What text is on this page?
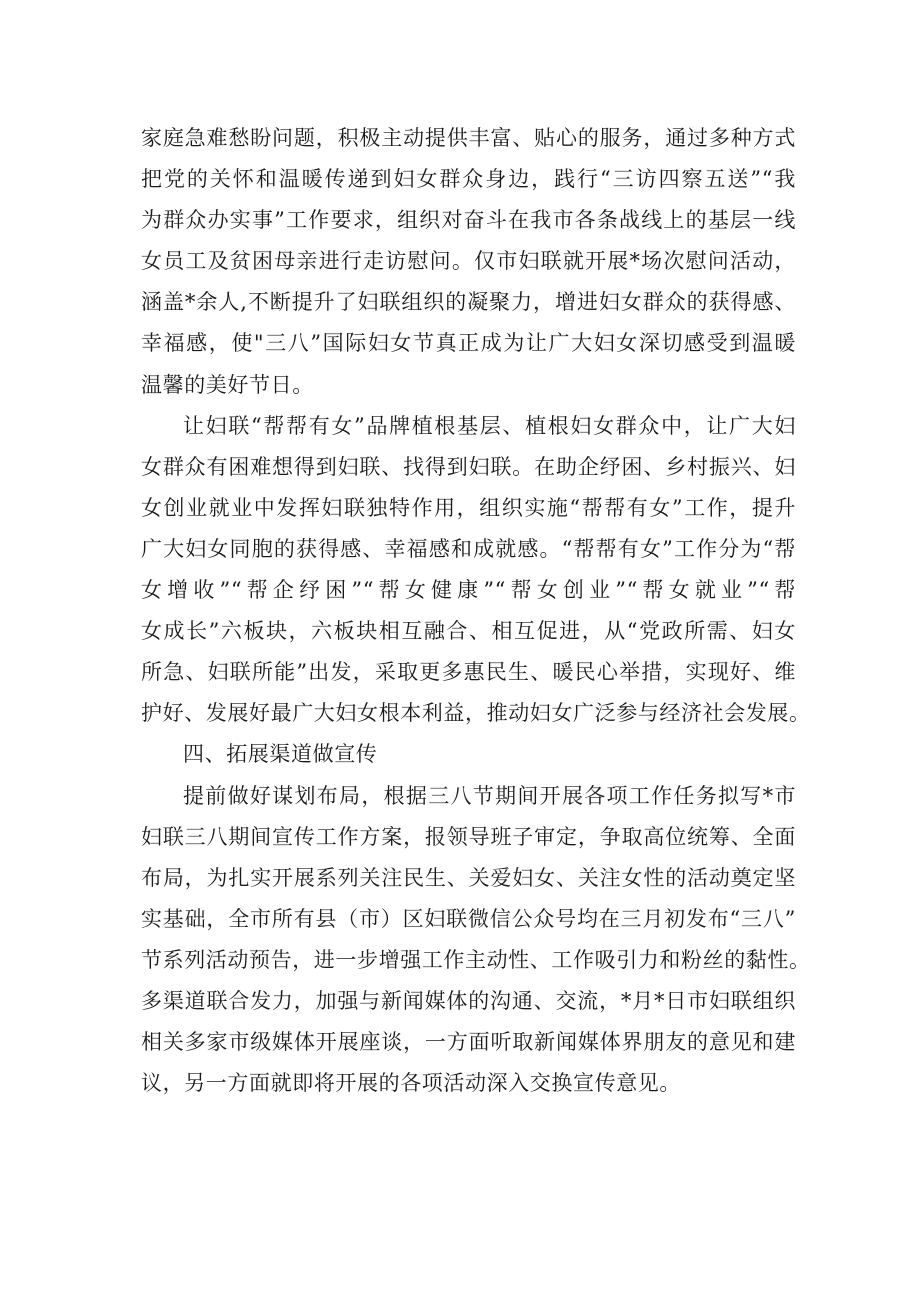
家庭急难愁盼问题，积极主动提供丰富、贴心的服务，通过多种方式
把党的关怀和温暖传递到妇女群众身边，践行“三访四察五送”“我
为群众办实事”工作要求，组织对奋斗在我市各条战线上的基层一线
女员工及贫困母亲进行走访慰问。仅市妇联就开展*场次慰问活动，
涵盖*余人,不断提升了妇联组织的凝聚力，增进妇女群众的获得感、
幸福感，使"三八”国际妇女节真正成为让广大妇女深切感受到温暖
温馨的美好节日。
让妇联“帮帮有女”品牌植根基层、植根妇女群众中，让广大妇
女群众有困难想得到妇联、找得到妇联。在助企纾困、乡村振兴、妇
女创业就业中发挥妇联独特作用，组织实施“帮帮有女”工作，提升
广大妇女同胞的获得感、幸福感和成就感。“帮帮有女”工作分为“帮
女增收”“帮企纾困”“帮女健康”“帮女创业”“帮女就业”“帮
女成长”六板块，六板块相互融合、相互促进，从“党政所需、妇女
所急、妇联所能”出发，采取更多惠民生、暖民心举措，实现好、维
护好、发展好最广大妇女根本利益，推动妇女广泛参与经济社会发展。
四、拓展渠道做宣传
提前做好谋划布局，根据三八节期间开展各项工作任务拟写*市
妇联三八期间宣传工作方案，报领导班子审定，争取高位统筹、全面
布局，为扎实开展系列关注民生、关爱妇女、关注女性的活动奠定坚
实基础，全市所有县（市）区妇联微信公众号均在三月初发布“三八”
节系列活动预告，进一步增强工作主动性、工作吸引力和粉丝的黏性。
多渠道联合发力，加强与新闻媒体的沟通、交流，*月*日市妇联组织
相关多家市级媒体开展座谈，一方面听取新闻媒体界朋友的意见和建
议，另一方面就即将开展的各项活动深入交换宣传意见。
